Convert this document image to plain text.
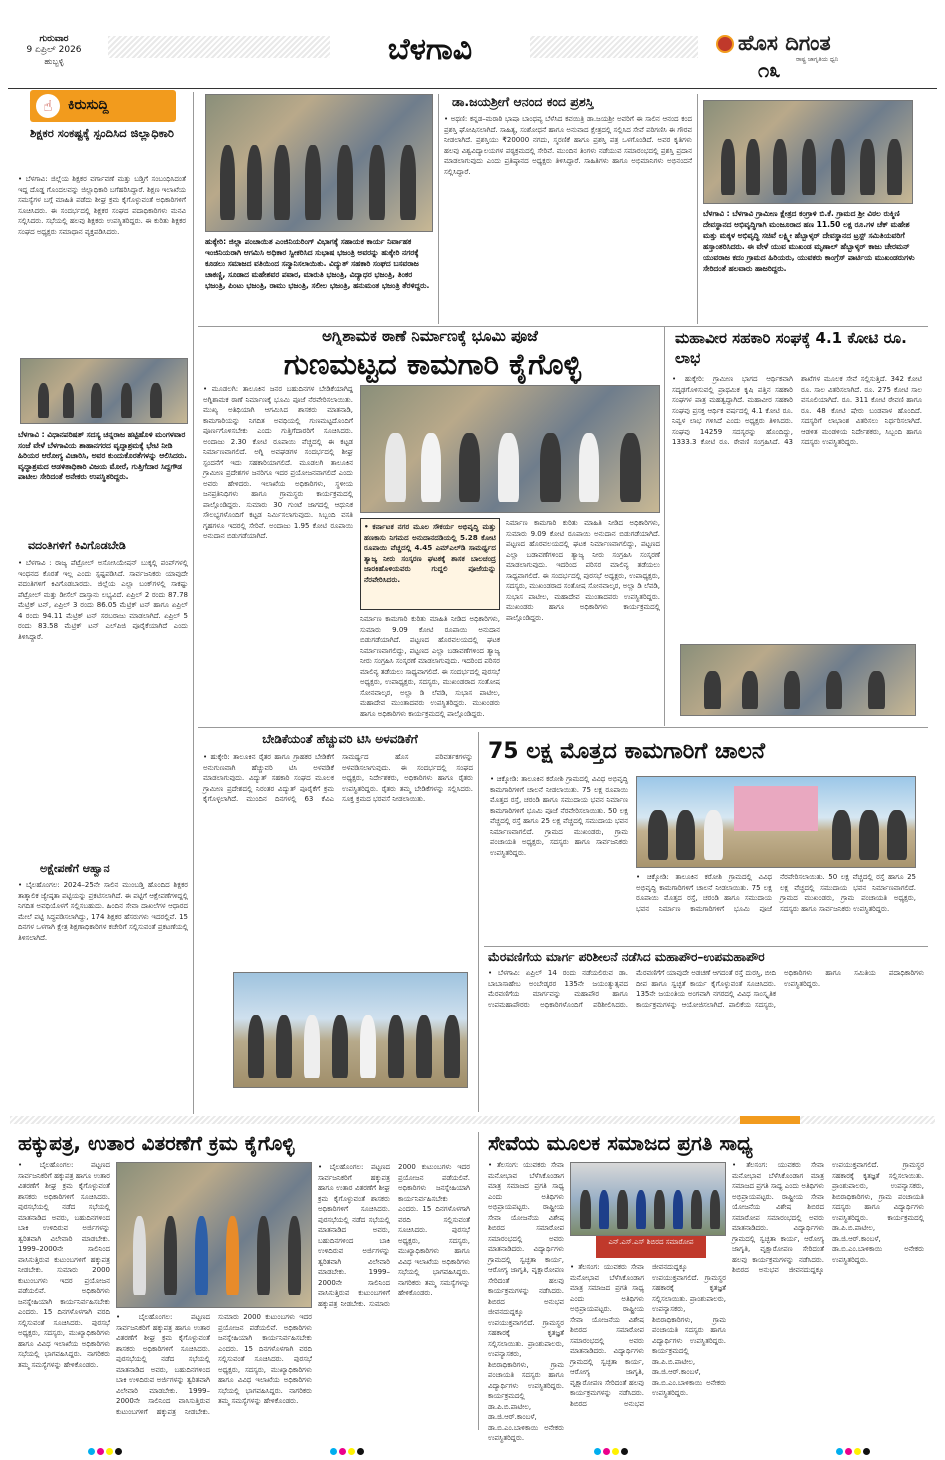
ಗುರುವಾರ
9 ಏಪ್ರಿಲ್ 2026
ಹುಬ್ಬಳ್ಳಿ	ಬೆಳಗಾವಿ	ಹೊಸ ದಿಗಂತ
ರಾಷ್ಟ್ರ ಜಾಗೃತಿಯ ಧ್ವನಿ
೧೩
☝	ಕಿರುಸುದ್ದಿ
ಶಿಕ್ಷಕರ ಸಂಕಷ್ಟಕ್ಕೆ ಸ್ಪಂದಿಸಿದ ಜಿಲ್ಲಾಧಿಕಾರಿ
• ಬೆಳಗಾವಿ: ಜಿಲ್ಲೆಯ ಶಿಕ್ಷಕರ ವರ್ಗಾವಣೆ ಮತ್ತು ಬಡ್ತಿಗೆ ಸಂಬಂಧಿಸಿದಂತೆ ಇದ್ದ ದೊಡ್ಡ ಗೊಂದಲವನ್ನು ಜಿಲ್ಲಾಧಿಕಾರಿ ಬಗೆಹರಿಸಿದ್ದಾರೆ. ಶಿಕ್ಷಣ ಇಲಾಖೆಯ ಸಮಸ್ಯೆಗಳ ಬಗ್ಗೆ ಮಾಹಿತಿ ಪಡೆದು ಶೀಘ್ರ ಕ್ರಮ ಕೈಗೊಳ್ಳುವಂತೆ ಅಧಿಕಾರಿಗಳಿಗೆ ಸೂಚಿಸಿದರು. ಈ ಸಂದರ್ಭದಲ್ಲಿ ಶಿಕ್ಷಕರ ಸಂಘದ ಪದಾಧಿಕಾರಿಗಳು ಮನವಿ ಸಲ್ಲಿಸಿದರು. ಸಭೆಯಲ್ಲಿ ಹಲವು ಶಿಕ್ಷಕರು ಉಪಸ್ಥಿತರಿದ್ದರು. ಈ ಕುರಿತು ಶಿಕ್ಷಕರ ಸಂಘದ ಅಧ್ಯಕ್ಷರು ಸಮಾಧಾನ ವ್ಯಕ್ತಪಡಿಸಿದರು.
ಬೆಳಗಾವಿ : ವಿಧಾನಪರಿಷತ್ ಸದಸ್ಯ ಚನ್ನರಾಜ ಹಟ್ಟಿಹೊಳಿ ಮಂಗಳವಾರ ಸಂಜೆ ವೇಳೆ ಬೆಳಗಾವಿಯ ಶಾಹಾನಗರದ ವೃದ್ಧಾಶ್ರಮಕ್ಕೆ ಭೇಟಿ ನೀಡಿ ಹಿರಿಯರ ಆರೋಗ್ಯ ವಿಚಾರಿಸಿ, ಅವರ ಕುಂದುಕೊರತೆಗಳನ್ನು ಆಲಿಸಿದರು. ವೃದ್ಧಾಶ್ರಮದ ಆಡಳಿತಾಧಿಕಾರಿ ವಿಜಯ ಮೋರೆ, ಗುತ್ತಿಗೆದಾರ ಸಿದ್ದಗೌಡ ಪಾಟೀಲ ಸೇರಿದಂತೆ ಅನೇಕರು ಉಪಸ್ಥಿತರಿದ್ದರು.
ವದಂತಿಗಳಿಗೆ ಕಿವಿಗೊಡಬೇಡಿ
• ಬೆಳಗಾವಿ : ರಾಜ್ಯ ಪೆಟ್ರೋಲ್ ಅಸೋಸಿಯೇಷನ್ ಬುಕ್ಕಲ್ಲಿ ಪಂಪ್‌ಗಳಲ್ಲಿ ಇಂಧನದ ಕೊರತೆ ಇಲ್ಲ ಎಂದು ಸ್ಪಷ್ಟಪಡಿಸಿದೆ. ಸಾರ್ವಜನಿಕರು ಯಾವುದೇ ವದಂತಿಗಳಿಗೆ ಕಿವಿಗೊಡಬಾರದು. ಜಿಲ್ಲೆಯ ಎಲ್ಲಾ ಬಂಕ್‌ಗಳಲ್ಲಿ ಸಾಕಷ್ಟು ಪೆಟ್ರೋಲ್ ಮತ್ತು ಡೀಸೆಲ್ ದಾಸ್ತಾನು ಲಭ್ಯವಿದೆ. ಏಪ್ರಿಲ್ 2 ರಂದು 87.78 ಮೆಟ್ರಿಕ್ ಟನ್, ಏಪ್ರಿಲ್ 3 ರಂದು 86.05 ಮೆಟ್ರಿಕ್ ಟನ್ ಹಾಗೂ ಏಪ್ರಿಲ್ 4 ರಂದು 94.11 ಮೆಟ್ರಿಕ್ ಟನ್ ಸರಬರಾಜು ಮಾಡಲಾಗಿದೆ. ಏಪ್ರಿಲ್ 5 ರಂದು 83.58 ಮೆಟ್ರಿಕ್ ಟನ್ ಎಲ್‌ಪಿಜಿ ಪೂರೈಕೆಯಾಗಿದೆ ಎಂದು ತಿಳಿಸಿದ್ದಾರೆ.
ಅಕ್ಷೇಪಣೆಗೆ ಆಹ್ವಾನ
• ಬೈಲಹೊಂಗಲ: 2024–25ನೇ ಸಾಲಿನ ಮುಂಬಡ್ತಿ ಹೊಂದಿದ ಶಿಕ್ಷಕರ ತಾತ್ಕಾಲಿಕ ಜ್ಯೇಷ್ಠತಾ ಪಟ್ಟಿಯನ್ನು ಪ್ರಕಟಿಸಲಾಗಿದೆ. ಈ ಪಟ್ಟಿಗೆ ಆಕ್ಷೇಪಣೆಗಳಿದ್ದಲ್ಲಿ ನಿಗದಿತ ಅವಧಿಯೊಳಗೆ ಸಲ್ಲಿಸಬಹುದು. ಹಿಂದಿನ ಸೇವಾ ದಾಖಲೆಗಳ ಆಧಾರದ ಮೇಲೆ ಪಟ್ಟಿ ಸಿದ್ಧಪಡಿಸಲಾಗಿದ್ದು, 174 ಶಿಕ್ಷಕರ ಹೆಸರುಗಳು ಇದರಲ್ಲಿವೆ. 15 ದಿನಗಳ ಒಳಗಾಗಿ ಕ್ಷೇತ್ರ ಶಿಕ್ಷಣಾಧಿಕಾರಿಗಳ ಕಚೇರಿಗೆ ಸಲ್ಲಿಸುವಂತೆ ಪ್ರಕಟಣೆಯಲ್ಲಿ ತಿಳಿಸಲಾಗಿದೆ.
ಹುಕ್ಕೇರಿ: ಜಿಲ್ಲಾ ಪಂಚಾಯಿತ ಎಂಜಿನಿಯರಿಂಗ್ ವಿಭಾಗಕ್ಕೆ ಸಹಾಯಕ ಕಾರ್ಯ ನಿರ್ವಾಹಕ ಇಂಜಿನಿಯರಾಗಿ ಆಗಮಿಸಿ ಅಧಿಕಾರ ಸ್ವೀಕರಿಸಿದ ಸುಭಾಷ ಭಜಂತ್ರಿ ಅವರನ್ನು ಹುಕ್ಕೇರಿ ನಗರಕ್ಕೆ ಕೂಡಲು ಸಮಾಜದ ವತಿಯಿಂದ ಸನ್ಮಾನಿಸಲಾಯಿತು. ವಿದ್ಯುತ್ ಸಹಕಾರಿ ಸಂಘದ ಬಸವರಾಜ ಚಾಕಣ್ಣಿ, ಸೂಡಾದ ಮಹೇಶವರ ಪವಾರ, ಮಾರುತಿ ಭಜಂತ್ರಿ, ವಿದ್ಯಾಧರ ಭಜಂತ್ರಿ, ತಿಂಕರ ಭಜಂತ್ರಿ, ಪಿಂಟು ಭಜಂತ್ರಿ, ರಾಮು ಭಜಂತ್ರಿ, ಸಲೀಲ ಭಜಂತ್ರಿ, ಹನುಮಂತ ಭಜಂತ್ರಿ ತೆರಳಿದ್ದರು.
ಡಾ.ಜಯಶ್ರೀಗೆ ಆನಂದ ಕಂದ ಪ್ರಶಸ್ತಿ
• ಅಥಣಿ: ಕನ್ನಡ–ಮರಾಠಿ ಭಾಷಾ ಬಾಂಧವ್ಯ ಬೆಳೆಸಿದ ಕವಯಿತ್ರಿ ಡಾ.ಜಯಶ್ರೀ ಅವರಿಗೆ ಈ ಸಾಲಿನ ಆನಂದ ಕಂದ ಪ್ರಶಸ್ತಿ ಘೋಷಿಸಲಾಗಿದೆ. ಸಾಹಿತ್ಯ, ಸಂಶೋಧನೆ ಹಾಗೂ ಅನುವಾದ ಕ್ಷೇತ್ರದಲ್ಲಿ ಸಲ್ಲಿಸಿದ ಸೇವೆ ಪರಿಗಣಿಸಿ ಈ ಗೌರವ ನೀಡಲಾಗಿದೆ. ಪ್ರಶಸ್ತಿಯು ₹20000 ನಗದು, ಸ್ಮರಣಿಕೆ ಹಾಗೂ ಪ್ರಶಸ್ತಿ ಪತ್ರ ಒಳಗೊಂಡಿದೆ. ಅವರ ಕೃತಿಗಳು ಹಲವು ವಿಶ್ವವಿದ್ಯಾಲಯಗಳ ಪಠ್ಯಕ್ರಮದಲ್ಲಿ ಸೇರಿವೆ. ಮುಂದಿನ ತಿಂಗಳು ನಡೆಯುವ ಸಮಾರಂಭದಲ್ಲಿ ಪ್ರಶಸ್ತಿ ಪ್ರದಾನ ಮಾಡಲಾಗುವುದು ಎಂದು ಪ್ರತಿಷ್ಠಾನದ ಅಧ್ಯಕ್ಷರು ತಿಳಿಸಿದ್ದಾರೆ. ಸಾಹಿತಿಗಳು ಹಾಗೂ ಅಭಿಮಾನಿಗಳು ಅಭಿನಂದನೆ ಸಲ್ಲಿಸಿದ್ದಾರೆ.
ಬೆಳಗಾವಿ : ಬೆಳಗಾವಿ ಗ್ರಾಮೀಣ ಕ್ಷೇತ್ರದ ಕಂಗ್ರಾಳಿ ಬಿ.ಕೆ. ಗ್ರಾಮದ ಶ್ರೀ ವಿಠಲ ರುಕ್ಮಿಣಿ ದೇವಸ್ಥಾನದ ಅಭಿವೃದ್ಧಿಗಾಗಿ ಮಂಜೂರಾದ ಹಣ 11.50 ಲಕ್ಷ ರೂ.ಗಳ ಚೆಕ್ ಮಹೇಶ ಮತ್ತು ಮಕ್ಕಳ ಅಭಿವೃದ್ಧಿ ಸಚಿವೆ ಲಕ್ಷ್ಮೀ ಹೆಬ್ಬಾಳ್ಕರ್ ದೇವಸ್ಥಾನದ ಟ್ರಸ್ಟ್ ಸಮಿತಿಯವರಿಗೆ ಹಸ್ತಾಂತರಿಸಿದರು. ಈ ವೇಳೆ ಯುವ ಮುಖಂಡ ಮೃಣಾಲ್ ಹೆಬ್ಬಾಳ್ಕರ್ ಕಾಜು ಚೇರಮನ್ ಯುವರಾಜ ಕದಂ ಗ್ರಾಮದ ಹಿರಿಯರು, ಯುವಕರು ಕಾಂಗ್ರೆಸ್ ಪಾರ್ಟಿಯ ಮುಖಂಡರುಗಳು ಸೇರಿದಂತೆ ಹಲವಾರು ಹಾಜರಿದ್ದರು.
ಅಗ್ನಿಶಾಮಕ ಠಾಣೆ ನಿರ್ಮಾಣಕ್ಕೆ ಭೂಮಿ ಪೂಜೆ
ಗುಣಮಟ್ಟದ ಕಾಮಗಾರಿ ಕೈಗೊಳ್ಳಿ
• ಮೂಡಲಗಿ: ತಾಲೂಕಿನ ಜನರ ಬಹುದಿನಗಳ ಬೇಡಿಕೆಯಾಗಿದ್ದ ಅಗ್ನಿಶಾಮಕ ಠಾಣೆ ನಿರ್ಮಾಣಕ್ಕೆ ಭೂಮಿ ಪೂಜೆ ನೆರವೇರಿಸಲಾಯಿತು. ಮುಖ್ಯ ಅತಿಥಿಯಾಗಿ ಆಗಮಿಸಿದ ಶಾಸಕರು ಮಾತನಾಡಿ, ಕಾಮಗಾರಿಯನ್ನು ನಿಗದಿತ ಅವಧಿಯಲ್ಲಿ ಗುಣಮಟ್ಟದೊಂದಿಗೆ ಪೂರ್ಣಗೊಳಿಸಬೇಕು ಎಂದು ಗುತ್ತಿಗೆದಾರರಿಗೆ ಸೂಚಿಸಿದರು. ಅಂದಾಜು 2.30 ಕೋಟಿ ರೂಪಾಯಿ ವೆಚ್ಚದಲ್ಲಿ ಈ ಕಟ್ಟಡ ನಿರ್ಮಾಣವಾಗಲಿದೆ. ಅಗ್ನಿ ಅವಘಡಗಳ ಸಂದರ್ಭದಲ್ಲಿ ಶೀಘ್ರ ಸ್ಪಂದನೆಗೆ ಇದು ಸಹಕಾರಿಯಾಗಲಿದೆ. ಮೂಡಲಗಿ ತಾಲೂಕಿನ ಗ್ರಾಮೀಣ ಪ್ರದೇಶಗಳ ಜನರಿಗೂ ಇದರ ಪ್ರಯೋಜನವಾಗಲಿದೆ ಎಂದು ಅವರು ಹೇಳಿದರು. ಇಲಾಖೆಯ ಅಧಿಕಾರಿಗಳು, ಸ್ಥಳೀಯ ಜನಪ್ರತಿನಿಧಿಗಳು ಹಾಗೂ ಗ್ರಾಮಸ್ಥರು ಕಾರ್ಯಕ್ರಮದಲ್ಲಿ ಪಾಲ್ಗೊಂಡಿದ್ದರು. ಸುಮಾರು 30 ಗುಂಟೆ ಜಾಗದಲ್ಲಿ ಆಧುನಿಕ ಸೌಲಭ್ಯಗಳೊಂದಿಗೆ ಕಟ್ಟಡ ನಿರ್ಮಿಸಲಾಗುವುದು. ಸಿಬ್ಬಂದಿ ವಸತಿ ಗೃಹಗಳೂ ಇದರಲ್ಲಿ ಸೇರಿವೆ. ಅಂದಾಜು 1.95 ಕೋಟಿ ರೂಪಾಯಿ ಅನುದಾನ ಬಿಡುಗಡೆಯಾಗಿದೆ.
• ಕರ್ನಾಟಕ ನಗರ ಮೂಲ ಸೌಕರ್ಯ ಅಭಿವೃದ್ಧಿ ಮತ್ತು ಹಣಕಾಸು ನಿಗಮದ ಅನುದಾನದಡಿಯಲ್ಲಿ 5.28 ಕೋಟಿ ರೂಪಾಯಿ ವೆಚ್ಚದಲ್ಲಿ 4.45 ಎಮ್‌ಎಲ್‌ಡಿ ಸಾಮರ್ಥ್ಯದ ತ್ಯಾಜ್ಯ ನೀರು ಸಂಸ್ಕರಣ ಘಟಕಕ್ಕೆ ಶಾಸಕ ಬಾಲಚಂದ್ರ ಜಾರಕಿಹೊಳಿಯವರು ಗುದ್ದಲಿ ಪೂಜೆಯನ್ನು ನೆರವೇರಿಸಿದರು.
ನಿರ್ಮಾಣ ಕಾಮಗಾರಿ ಕುರಿತು ಮಾಹಿತಿ ನೀಡಿದ ಅಧಿಕಾರಿಗಳು, ಸುಮಾರು 9.09 ಕೋಟಿ ರೂಪಾಯಿ ಅನುದಾನ ಬಿಡುಗಡೆಯಾಗಿದೆ. ಪಟ್ಟಣದ ಹೊರವಲಯದಲ್ಲಿ ಘಟಕ ನಿರ್ಮಾಣವಾಗಲಿದ್ದು, ಪಟ್ಟಣದ ಎಲ್ಲಾ ಬಡಾವಣೆಗಳಿಂದ ತ್ಯಾಜ್ಯ ನೀರು ಸಂಗ್ರಹಿಸಿ ಸಂಸ್ಕರಣೆ ಮಾಡಲಾಗುವುದು. ಇದರಿಂದ ಪರಿಸರ ಮಾಲಿನ್ಯ ತಡೆಯಲು ಸಾಧ್ಯವಾಗಲಿದೆ. ಈ ಸಂದರ್ಭದಲ್ಲಿ ಪುರಸಭೆ ಅಧ್ಯಕ್ಷರು, ಉಪಾಧ್ಯಕ್ಷರು, ಸದಸ್ಯರು, ಮುಖಂಡರಾದ ಸಂತೋಷ ಸೋನವಾಲ್ಕರ, ಅಲ್ಲಾ ಡಿ ಲೆವಡಿ, ಸುಭಾಸ ಪಾಟೀಲ, ಮಹಾದೇವ ಮುಂತಾದವರು ಉಪಸ್ಥಿತರಿದ್ದರು. ಮುಖಂಡರು ಹಾಗೂ ಅಧಿಕಾರಿಗಳು ಕಾರ್ಯಕ್ರಮದಲ್ಲಿ ಪಾಲ್ಗೊಂಡಿದ್ದರು.
ನಿರ್ಮಾಣ ಕಾಮಗಾರಿ ಕುರಿತು ಮಾಹಿತಿ ನೀಡಿದ ಅಧಿಕಾರಿಗಳು, ಸುಮಾರು 9.09 ಕೋಟಿ ರೂಪಾಯಿ ಅನುದಾನ ಬಿಡುಗಡೆಯಾಗಿದೆ. ಪಟ್ಟಣದ ಹೊರವಲಯದಲ್ಲಿ ಘಟಕ ನಿರ್ಮಾಣವಾಗಲಿದ್ದು, ಪಟ್ಟಣದ ಎಲ್ಲಾ ಬಡಾವಣೆಗಳಿಂದ ತ್ಯಾಜ್ಯ ನೀರು ಸಂಗ್ರಹಿಸಿ ಸಂಸ್ಕರಣೆ ಮಾಡಲಾಗುವುದು. ಇದರಿಂದ ಪರಿಸರ ಮಾಲಿನ್ಯ ತಡೆಯಲು ಸಾಧ್ಯವಾಗಲಿದೆ. ಈ ಸಂದರ್ಭದಲ್ಲಿ ಪುರಸಭೆ ಅಧ್ಯಕ್ಷರು, ಉಪಾಧ್ಯಕ್ಷರು, ಸದಸ್ಯರು, ಮುಖಂಡರಾದ ಸಂತೋಷ ಸೋನವಾಲ್ಕರ, ಅಲ್ಲಾ ಡಿ ಲೆವಡಿ, ಸುಭಾಸ ಪಾಟೀಲ, ಮಹಾದೇವ ಮುಂತಾದವರು ಉಪಸ್ಥಿತರಿದ್ದರು. ಮುಖಂಡರು ಹಾಗೂ ಅಧಿಕಾರಿಗಳು ಕಾರ್ಯಕ್ರಮದಲ್ಲಿ ಪಾಲ್ಗೊಂಡಿದ್ದರು.
ಮಹಾವೀರ ಸಹಕಾರಿ ಸಂಘಕ್ಕೆ 4.1 ಕೋಟಿ ರೂ. ಲಾಭ
• ಹುಕ್ಕೇರಿ: ಗ್ರಾಮೀಣ ಭಾಗದ ಆರ್ಥಿಕವಾಗಿ ಸದೃಢಗೊಳಿಸುವಲ್ಲಿ ಪ್ರಾಥಮಿಕ ಕೃಷಿ ಪತ್ತಿನ ಸಹಕಾರಿ ಸಂಘಗಳ ಪಾತ್ರ ಮಹತ್ವದ್ದಾಗಿದೆ. ಮಹಾವೀರ ಸಹಕಾರಿ ಸಂಘವು ಪ್ರಸಕ್ತ ಆರ್ಥಿಕ ವರ್ಷದಲ್ಲಿ 4.1 ಕೋಟಿ ರೂ. ನಿವ್ವಳ ಲಾಭ ಗಳಿಸಿದೆ ಎಂದು ಅಧ್ಯಕ್ಷರು ತಿಳಿಸಿದರು. ಸಂಘವು 14259 ಸದಸ್ಯರನ್ನು ಹೊಂದಿದ್ದು, 1333.3 ಕೋಟಿ ರೂ. ಠೇವಣಿ ಸಂಗ್ರಹಿಸಿದೆ. 43 ಶಾಖೆಗಳ ಮೂಲಕ ಸೇವೆ ಸಲ್ಲಿಸುತ್ತಿದೆ. 342 ಕೋಟಿ ರೂ. ಸಾಲ ವಿತರಿಸಲಾಗಿದೆ. ರೂ. 275 ಕೋಟಿ ಸಾಲ ವಸೂಲಿಯಾಗಿದೆ. ರೂ. 311 ಕೋಟಿ ಠೇವಣಿ ಹಾಗೂ ರೂ. 48 ಕೋಟಿ ಷೇರು ಬಂಡವಾಳ ಹೊಂದಿದೆ. ಸದಸ್ಯರಿಗೆ ಲಾಭಾಂಶ ವಿತರಿಸಲು ನಿರ್ಧರಿಸಲಾಗಿದೆ. ಆಡಳಿತ ಮಂಡಳಿಯ ನಿರ್ದೇಶಕರು, ಸಿಬ್ಬಂದಿ ಹಾಗೂ ಸದಸ್ಯರು ಉಪಸ್ಥಿತರಿದ್ದರು.
ಬೇಡಿಕೆಯಂತೆ ಹೆಚ್ಚುವರಿ ಟಿಸಿ ಅಳವಡಿಕೆಗೆ
• ಹುಕ್ಕೇರಿ: ತಾಲೂಕಿನ ರೈತರ ಹಾಗೂ ಗ್ರಾಹಕರ ಬೇಡಿಕೆಗೆ ಅನುಗುಣವಾಗಿ ಹೆಚ್ಚುವರಿ ಟಿಸಿ ಅಳವಡಿಕೆ ಮಾಡಲಾಗುವುದು. ವಿದ್ಯುತ್ ಸಹಕಾರಿ ಸಂಘದ ಮೂಲಕ ಗ್ರಾಮೀಣ ಪ್ರದೇಶದಲ್ಲಿ ನಿರಂತರ ವಿದ್ಯುತ್ ಪೂರೈಕೆಗೆ ಕ್ರಮ ಕೈಗೊಳ್ಳಲಾಗಿದೆ. ಮುಂದಿನ ದಿನಗಳಲ್ಲಿ 63 ಕೆವಿಎ ಸಾಮರ್ಥ್ಯದ ಹೊಸ ಪರಿವರ್ತಕಗಳನ್ನು ಅಳವಡಿಸಲಾಗುವುದು. ಈ ಸಂದರ್ಭದಲ್ಲಿ ಸಂಘದ ಅಧ್ಯಕ್ಷರು, ನಿರ್ದೇಶಕರು, ಅಧಿಕಾರಿಗಳು ಹಾಗೂ ರೈತರು ಉಪಸ್ಥಿತರಿದ್ದರು. ರೈತರು ತಮ್ಮ ಬೇಡಿಕೆಗಳನ್ನು ಸಲ್ಲಿಸಿದರು. ಸೂಕ್ತ ಕ್ರಮದ ಭರವಸೆ ನೀಡಲಾಯಿತು.
75 ಲಕ್ಷ ಮೊತ್ತದ ಕಾಮಗಾರಿಗೆ ಚಾಲನೆ
• ಚಿಕ್ಕೋಡಿ: ತಾಲೂಕಿನ ಕರೋಶಿ ಗ್ರಾಮದಲ್ಲಿ ವಿವಿಧ ಅಭಿವೃದ್ಧಿ ಕಾಮಗಾರಿಗಳಿಗೆ ಚಾಲನೆ ನೀಡಲಾಯಿತು. 75 ಲಕ್ಷ ರೂಪಾಯಿ ಮೊತ್ತದ ರಸ್ತೆ, ಚರಂಡಿ ಹಾಗೂ ಸಮುದಾಯ ಭವನ ನಿರ್ಮಾಣ ಕಾಮಗಾರಿಗಳಿಗೆ ಭೂಮಿ ಪೂಜೆ ನೆರವೇರಿಸಲಾಯಿತು. 50 ಲಕ್ಷ ವೆಚ್ಚದಲ್ಲಿ ರಸ್ತೆ ಹಾಗೂ 25 ಲಕ್ಷ ವೆಚ್ಚದಲ್ಲಿ ಸಮುದಾಯ ಭವನ ನಿರ್ಮಾಣವಾಗಲಿದೆ. ಗ್ರಾಮದ ಮುಖಂಡರು, ಗ್ರಾಮ ಪಂಚಾಯತಿ ಅಧ್ಯಕ್ಷರು, ಸದಸ್ಯರು ಹಾಗೂ ಸಾರ್ವಜನಿಕರು ಉಪಸ್ಥಿತರಿದ್ದರು.
• ಚಿಕ್ಕೋಡಿ: ತಾಲೂಕಿನ ಕರೋಶಿ ಗ್ರಾಮದಲ್ಲಿ ವಿವಿಧ ಅಭಿವೃದ್ಧಿ ಕಾಮಗಾರಿಗಳಿಗೆ ಚಾಲನೆ ನೀಡಲಾಯಿತು. 75 ಲಕ್ಷ ರೂಪಾಯಿ ಮೊತ್ತದ ರಸ್ತೆ, ಚರಂಡಿ ಹಾಗೂ ಸಮುದಾಯ ಭವನ ನಿರ್ಮಾಣ ಕಾಮಗಾರಿಗಳಿಗೆ ಭೂಮಿ ಪೂಜೆ ನೆರವೇರಿಸಲಾಯಿತು. 50 ಲಕ್ಷ ವೆಚ್ಚದಲ್ಲಿ ರಸ್ತೆ ಹಾಗೂ 25 ಲಕ್ಷ ವೆಚ್ಚದಲ್ಲಿ ಸಮುದಾಯ ಭವನ ನಿರ್ಮಾಣವಾಗಲಿದೆ. ಗ್ರಾಮದ ಮುಖಂಡರು, ಗ್ರಾಮ ಪಂಚಾಯತಿ ಅಧ್ಯಕ್ಷರು, ಸದಸ್ಯರು ಹಾಗೂ ಸಾರ್ವಜನಿಕರು ಉಪಸ್ಥಿತರಿದ್ದರು.
ಮೆರವಣಿಗೆಯ ಮಾರ್ಗ ಪರಿಶೀಲನೆ ನಡೆಸಿದ ಮಹಾಪೌರ–ಉಪಮಹಾಪೌರ
• ಬೆಳಗಾವಿ: ಏಪ್ರಿಲ್ 14 ರಂದು ನಡೆಯಲಿರುವ ಡಾ. ಬಾಬಾಸಾಹೇಬ ಅಂಬೇಡ್ಕರರ 135ನೇ ಜಯಂತ್ಯುತ್ಸವದ ಮೆರವಣಿಗೆಯ ಮಾರ್ಗವನ್ನು ಮಹಾಪೌರ ಹಾಗೂ ಉಪಮಹಾಪೌರರು ಅಧಿಕಾರಿಗಳೊಂದಿಗೆ ಪರಿಶೀಲಿಸಿದರು. ಮೆರವಣಿಗೆಗೆ ಯಾವುದೇ ಅಡಚಣೆ ಆಗದಂತೆ ರಸ್ತೆ ದುರಸ್ತಿ, ಬೀದಿ ದೀಪ ಹಾಗೂ ಸ್ವಚ್ಛತೆ ಕಾರ್ಯ ಕೈಗೊಳ್ಳುವಂತೆ ಸೂಚಿಸಿದರು. 135ನೇ ಜಯಂತಿಯ ಅಂಗವಾಗಿ ನಗರದಲ್ಲಿ ವಿವಿಧ ಸಾಂಸ್ಕೃತಿಕ ಕಾರ್ಯಕ್ರಮಗಳನ್ನು ಆಯೋಜಿಸಲಾಗಿದೆ. ಪಾಲಿಕೆಯ ಸದಸ್ಯರು, ಅಧಿಕಾರಿಗಳು ಹಾಗೂ ಸಮಿತಿಯ ಪದಾಧಿಕಾರಿಗಳು ಉಪಸ್ಥಿತರಿದ್ದರು.
ಹಕ್ಕುಪತ್ರ, ಉತಾರ ವಿತರಣೆಗೆ ಕ್ರಮ ಕೈಗೊಳ್ಳಿ
• ಬೈಲಹೊಂಗಲ: ಪಟ್ಟಣದ ಸಾರ್ವಜನಿಕರಿಗೆ ಹಕ್ಕುಪತ್ರ ಹಾಗೂ ಉತಾರ ವಿತರಣೆಗೆ ಶೀಘ್ರ ಕ್ರಮ ಕೈಗೊಳ್ಳುವಂತೆ ಶಾಸಕರು ಅಧಿಕಾರಿಗಳಿಗೆ ಸೂಚಿಸಿದರು. ಪುರಸಭೆಯಲ್ಲಿ ನಡೆದ ಸಭೆಯಲ್ಲಿ ಮಾತನಾಡಿದ ಅವರು, ಬಹುದಿನಗಳಿಂದ ಬಾಕಿ ಉಳಿದಿರುವ ಅರ್ಜಿಗಳನ್ನು ತ್ವರಿತವಾಗಿ ವಿಲೇವಾರಿ ಮಾಡಬೇಕು. 1999–2000ನೇ ಸಾಲಿನಿಂದ ವಾಸಿಸುತ್ತಿರುವ ಕುಟುಂಬಗಳಿಗೆ ಹಕ್ಕುಪತ್ರ ನೀಡಬೇಕು. ಸುಮಾರು 2000 ಕುಟುಂಬಗಳು ಇದರ ಪ್ರಯೋಜನ ಪಡೆಯಲಿವೆ. ಅಧಿಕಾರಿಗಳು ಜನಸ್ನೇಹಿಯಾಗಿ ಕಾರ್ಯನಿರ್ವಹಿಸಬೇಕು ಎಂದರು. 15 ದಿನಗಳೊಳಗಾಗಿ ವರದಿ ಸಲ್ಲಿಸುವಂತೆ ಸೂಚಿಸಿದರು. ಪುರಸಭೆ ಅಧ್ಯಕ್ಷರು, ಸದಸ್ಯರು, ಮುಖ್ಯಾಧಿಕಾರಿಗಳು ಹಾಗೂ ವಿವಿಧ ಇಲಾಖೆಯ ಅಧಿಕಾರಿಗಳು ಸಭೆಯಲ್ಲಿ ಭಾಗವಹಿಸಿದ್ದರು. ನಾಗರಿಕರು ತಮ್ಮ ಸಮಸ್ಯೆಗಳನ್ನು ಹೇಳಿಕೊಂಡರು.
• ಬೈಲಹೊಂಗಲ: ಪಟ್ಟಣದ ಸಾರ್ವಜನಿಕರಿಗೆ ಹಕ್ಕುಪತ್ರ ಹಾಗೂ ಉತಾರ ವಿತರಣೆಗೆ ಶೀಘ್ರ ಕ್ರಮ ಕೈಗೊಳ್ಳುವಂತೆ ಶಾಸಕರು ಅಧಿಕಾರಿಗಳಿಗೆ ಸೂಚಿಸಿದರು. ಪುರಸಭೆಯಲ್ಲಿ ನಡೆದ ಸಭೆಯಲ್ಲಿ ಮಾತನಾಡಿದ ಅವರು, ಬಹುದಿನಗಳಿಂದ ಬಾಕಿ ಉಳಿದಿರುವ ಅರ್ಜಿಗಳನ್ನು ತ್ವರಿತವಾಗಿ ವಿಲೇವಾರಿ ಮಾಡಬೇಕು. 1999–2000ನೇ ಸಾಲಿನಿಂದ ವಾಸಿಸುತ್ತಿರುವ ಕುಟುಂಬಗಳಿಗೆ ಹಕ್ಕುಪತ್ರ ನೀಡಬೇಕು. ಸುಮಾರು 2000 ಕುಟುಂಬಗಳು ಇದರ ಪ್ರಯೋಜನ ಪಡೆಯಲಿವೆ. ಅಧಿಕಾರಿಗಳು ಜನಸ್ನೇಹಿಯಾಗಿ ಕಾರ್ಯನಿರ್ವಹಿಸಬೇಕು ಎಂದರು. 15 ದಿನಗಳೊಳಗಾಗಿ ವರದಿ ಸಲ್ಲಿಸುವಂತೆ ಸೂಚಿಸಿದರು. ಪುರಸಭೆ ಅಧ್ಯಕ್ಷರು, ಸದಸ್ಯರು, ಮುಖ್ಯಾಧಿಕಾರಿಗಳು ಹಾಗೂ ವಿವಿಧ ಇಲಾಖೆಯ ಅಧಿಕಾರಿಗಳು ಸಭೆಯಲ್ಲಿ ಭಾಗವಹಿಸಿದ್ದರು. ನಾಗರಿಕರು ತಮ್ಮ ಸಮಸ್ಯೆಗಳನ್ನು ಹೇಳಿಕೊಂಡರು.
• ಬೈಲಹೊಂಗಲ: ಪಟ್ಟಣದ ಸಾರ್ವಜನಿಕರಿಗೆ ಹಕ್ಕುಪತ್ರ ಹಾಗೂ ಉತಾರ ವಿತರಣೆಗೆ ಶೀಘ್ರ ಕ್ರಮ ಕೈಗೊಳ್ಳುವಂತೆ ಶಾಸಕರು ಅಧಿಕಾರಿಗಳಿಗೆ ಸೂಚಿಸಿದರು. ಪುರಸಭೆಯಲ್ಲಿ ನಡೆದ ಸಭೆಯಲ್ಲಿ ಮಾತನಾಡಿದ ಅವರು, ಬಹುದಿನಗಳಿಂದ ಬಾಕಿ ಉಳಿದಿರುವ ಅರ್ಜಿಗಳನ್ನು ತ್ವರಿತವಾಗಿ ವಿಲೇವಾರಿ ಮಾಡಬೇಕು. 1999–2000ನೇ ಸಾಲಿನಿಂದ ವಾಸಿಸುತ್ತಿರುವ ಕುಟುಂಬಗಳಿಗೆ ಹಕ್ಕುಪತ್ರ ನೀಡಬೇಕು. ಸುಮಾರು 2000 ಕುಟುಂಬಗಳು ಇದರ ಪ್ರಯೋಜನ ಪಡೆಯಲಿವೆ. ಅಧಿಕಾರಿಗಳು ಜನಸ್ನೇಹಿಯಾಗಿ ಕಾರ್ಯನಿರ್ವಹಿಸಬೇಕು ಎಂದರು. 15 ದಿನಗಳೊಳಗಾಗಿ ವರದಿ ಸಲ್ಲಿಸುವಂತೆ ಸೂಚಿಸಿದರು. ಪುರಸಭೆ ಅಧ್ಯಕ್ಷರು, ಸದಸ್ಯರು, ಮುಖ್ಯಾಧಿಕಾರಿಗಳು ಹಾಗೂ ವಿವಿಧ ಇಲಾಖೆಯ ಅಧಿಕಾರಿಗಳು ಸಭೆಯಲ್ಲಿ ಭಾಗವಹಿಸಿದ್ದರು. ನಾಗರಿಕರು ತಮ್ಮ ಸಮಸ್ಯೆಗಳನ್ನು ಹೇಳಿಕೊಂಡರು.
ಸೇವೆಯ ಮೂಲಕ ಸಮಾಜದ ಪ್ರಗತಿ ಸಾಧ್ಯ
• ತೆಲಸಂಗ: ಯುವಕರು ಸೇವಾ ಮನೋಭಾವ ಬೆಳೆಸಿಕೊಂಡಾಗ ಮಾತ್ರ ಸಮಾಜದ ಪ್ರಗತಿ ಸಾಧ್ಯ ಎಂದು ಅತಿಥಿಗಳು ಅಭಿಪ್ರಾಯಪಟ್ಟರು. ರಾಷ್ಟ್ರೀಯ ಸೇವಾ ಯೋಜನೆಯ ವಿಶೇಷ ಶಿಬಿರದ ಸಮಾರೋಪ ಸಮಾರಂಭದಲ್ಲಿ ಅವರು ಮಾತನಾಡಿದರು. ವಿದ್ಯಾರ್ಥಿಗಳು ಗ್ರಾಮದಲ್ಲಿ ಸ್ವಚ್ಛತಾ ಕಾರ್ಯ, ಆರೋಗ್ಯ ಜಾಗೃತಿ, ವೃಕ್ಷಾರೋಪಣ ಸೇರಿದಂತೆ ಹಲವು ಕಾರ್ಯಕ್ರಮಗಳನ್ನು ನಡೆಸಿದರು. ಶಿಬಿರದ ಅನುಭವ ಜೀವನದುದ್ದಕ್ಕೂ ಉಪಯುಕ್ತವಾಗಲಿದೆ. ಗ್ರಾಮಸ್ಥರ ಸಹಕಾರಕ್ಕೆ ಕೃತಜ್ಞತೆ ಸಲ್ಲಿಸಲಾಯಿತು. ಪ್ರಾಂಶುಪಾಲರು, ಉಪನ್ಯಾಸಕರು, ಶಿಬಿರಾಧಿಕಾರಿಗಳು, ಗ್ರಾಮ ಪಂಚಾಯತಿ ಸದಸ್ಯರು ಹಾಗೂ ವಿದ್ಯಾರ್ಥಿಗಳು ಉಪಸ್ಥಿತರಿದ್ದರು. ಕಾರ್ಯಕ್ರಮದಲ್ಲಿ ಡಾ.ಪಿ.ಬಿ.ಪಾಟೀಲ, ಡಾ.ಜಿ.ಆರ್.ಕಾಂಬಳೆ, ಡಾ.ಬಿ.ಎಂ.ಬಾಳಿಕಾಯಿ ಅನೇಕರು ಉಪಸ್ಥಿತರಿದ್ದರು.
ಎನ್.ಎಸ್.ಎಸ್ ಶಿಬಿರದ ಸಮಾರೋಪ
• ತೆಲಸಂಗ: ಯುವಕರು ಸೇವಾ ಮನೋಭಾವ ಬೆಳೆಸಿಕೊಂಡಾಗ ಮಾತ್ರ ಸಮಾಜದ ಪ್ರಗತಿ ಸಾಧ್ಯ ಎಂದು ಅತಿಥಿಗಳು ಅಭಿಪ್ರಾಯಪಟ್ಟರು. ರಾಷ್ಟ್ರೀಯ ಸೇವಾ ಯೋಜನೆಯ ವಿಶೇಷ ಶಿಬಿರದ ಸಮಾರೋಪ ಸಮಾರಂಭದಲ್ಲಿ ಅವರು ಮಾತನಾಡಿದರು. ವಿದ್ಯಾರ್ಥಿಗಳು ಗ್ರಾಮದಲ್ಲಿ ಸ್ವಚ್ಛತಾ ಕಾರ್ಯ, ಆರೋಗ್ಯ ಜಾಗೃತಿ, ವೃಕ್ಷಾರೋಪಣ ಸೇರಿದಂತೆ ಹಲವು ಕಾರ್ಯಕ್ರಮಗಳನ್ನು ನಡೆಸಿದರು. ಶಿಬಿರದ ಅನುಭವ ಜೀವನದುದ್ದಕ್ಕೂ ಉಪಯುಕ್ತವಾಗಲಿದೆ. ಗ್ರಾಮಸ್ಥರ ಸಹಕಾರಕ್ಕೆ ಕೃತಜ್ಞತೆ ಸಲ್ಲಿಸಲಾಯಿತು. ಪ್ರಾಂಶುಪಾಲರು, ಉಪನ್ಯಾಸಕರು, ಶಿಬಿರಾಧಿಕಾರಿಗಳು, ಗ್ರಾಮ ಪಂಚಾಯತಿ ಸದಸ್ಯರು ಹಾಗೂ ವಿದ್ಯಾರ್ಥಿಗಳು ಉಪಸ್ಥಿತರಿದ್ದರು. ಕಾರ್ಯಕ್ರಮದಲ್ಲಿ ಡಾ.ಪಿ.ಬಿ.ಪಾಟೀಲ, ಡಾ.ಜಿ.ಆರ್.ಕಾಂಬಳೆ, ಡಾ.ಬಿ.ಎಂ.ಬಾಳಿಕಾಯಿ ಅನೇಕರು ಉಪಸ್ಥಿತರಿದ್ದರು.
• ತೆಲಸಂಗ: ಯುವಕರು ಸೇವಾ ಮನೋಭಾವ ಬೆಳೆಸಿಕೊಂಡಾಗ ಮಾತ್ರ ಸಮಾಜದ ಪ್ರಗತಿ ಸಾಧ್ಯ ಎಂದು ಅತಿಥಿಗಳು ಅಭಿಪ್ರಾಯಪಟ್ಟರು. ರಾಷ್ಟ್ರೀಯ ಸೇವಾ ಯೋಜನೆಯ ವಿಶೇಷ ಶಿಬಿರದ ಸಮಾರೋಪ ಸಮಾರಂಭದಲ್ಲಿ ಅವರು ಮಾತನಾಡಿದರು. ವಿದ್ಯಾರ್ಥಿಗಳು ಗ್ರಾಮದಲ್ಲಿ ಸ್ವಚ್ಛತಾ ಕಾರ್ಯ, ಆರೋಗ್ಯ ಜಾಗೃತಿ, ವೃಕ್ಷಾರೋಪಣ ಸೇರಿದಂತೆ ಹಲವು ಕಾರ್ಯಕ್ರಮಗಳನ್ನು ನಡೆಸಿದರು. ಶಿಬಿರದ ಅನುಭವ ಜೀವನದುದ್ದಕ್ಕೂ ಉಪಯುಕ್ತವಾಗಲಿದೆ. ಗ್ರಾಮಸ್ಥರ ಸಹಕಾರಕ್ಕೆ ಕೃತಜ್ಞತೆ ಸಲ್ಲಿಸಲಾಯಿತು. ಪ್ರಾಂಶುಪಾಲರು, ಉಪನ್ಯಾಸಕರು, ಶಿಬಿರಾಧಿಕಾರಿಗಳು, ಗ್ರಾಮ ಪಂಚಾಯತಿ ಸದಸ್ಯರು ಹಾಗೂ ವಿದ್ಯಾರ್ಥಿಗಳು ಉಪಸ್ಥಿತರಿದ್ದರು. ಕಾರ್ಯಕ್ರಮದಲ್ಲಿ ಡಾ.ಪಿ.ಬಿ.ಪಾಟೀಲ, ಡಾ.ಜಿ.ಆರ್.ಕಾಂಬಳೆ, ಡಾ.ಬಿ.ಎಂ.ಬಾಳಿಕಾಯಿ ಅನೇಕರು ಉಪಸ್ಥಿತರಿದ್ದರು.
